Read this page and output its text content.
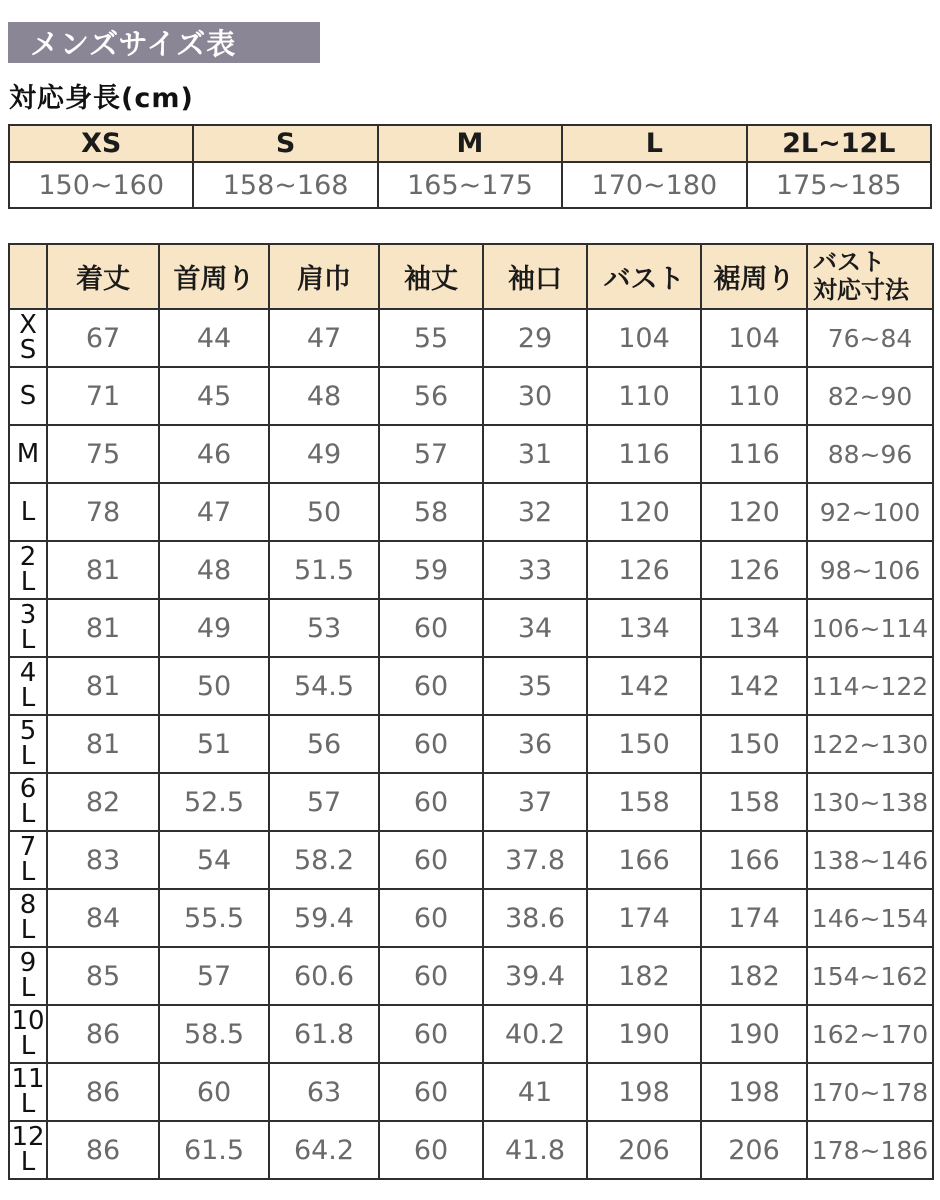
メンズサイズ表
対応身長(cm)
XS	S	M	L	2L~12L
150~160	158~168	165~175	170~180	175~185
	着丈	首周り	肩巾	袖丈	袖口	バスト	裾周り	バスト
対応寸法

X
S	67	44	47	55	29	104	104	76~84

S	71	45	48	56	30	110	110	82~90

M	75	46	49	57	31	116	116	88~96

L	78	47	50	58	32	120	120	92~100

2
L	81	48	51.5	59	33	126	126	98~106

3
L	81	49	53	60	34	134	134	106~114

4
L	81	50	54.5	60	35	142	142	114~122

5
L	81	51	56	60	36	150	150	122~130

6
L	82	52.5	57	60	37	158	158	130~138

7
L	83	54	58.2	60	37.8	166	166	138~146

8
L	84	55.5	59.4	60	38.6	174	174	146~154

9
L	85	57	60.6	60	39.4	182	182	154~162

10
L	86	58.5	61.8	60	40.2	190	190	162~170

11
L	86	60	63	60	41	198	198	170~178

12
L	86	61.5	64.2	60	41.8	206	206	178~186
